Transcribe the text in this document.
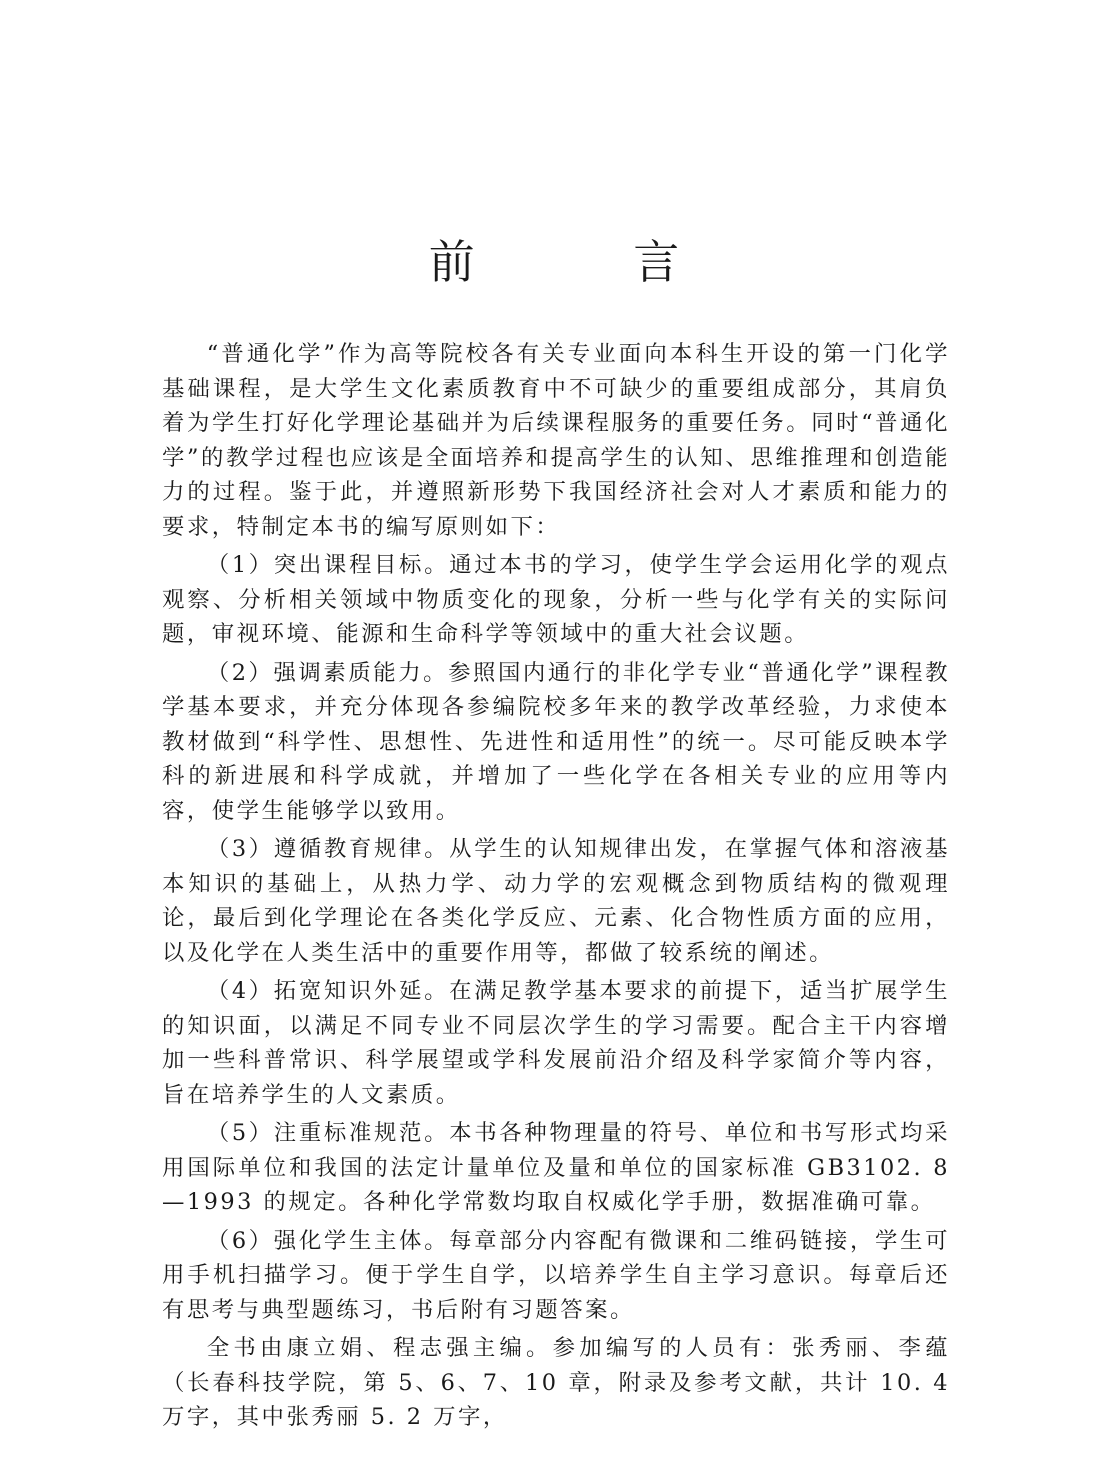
前 言

“普通化学”作为高等院校各有关专业面向本科生开设的第一门化学基础课程，是大学生文化素质教育中不可缺少的重要组成部分，其肩负着为学生打好化学理论基础并为后续课程服务的重要任务。同时“普通化学”的教学过程也应该是全面培养和提高学生的认知、思维推理和创造能力的过程。鉴于此，并遵照新形势下我国经济社会对人才素质和能力的要求，特制定本书的编写原则如下：

（1）突出课程目标。通过本书的学习，使学生学会运用化学的观点观察、分析相关领域中物质变化的现象，分析一些与化学有关的实际问题，审视环境、能源和生命科学等领域中的重大社会议题。

（2）强调素质能力。参照国内通行的非化学专业“普通化学”课程教学基本要求，并充分体现各参编院校多年来的教学改革经验，力求使本教材做到“科学性、思想性、先进性和适用性”的统一。尽可能反映本学科的新进展和科学成就，并增加了一些化学在各相关专业的应用等内容，使学生能够学以致用。

（3）遵循教育规律。从学生的认知规律出发，在掌握气体和溶液基本知识的基础上，从热力学、动力学的宏观概念到物质结构的微观理论，最后到化学理论在各类化学反应、元素、化合物性质方面的应用，以及化学在人类生活中的重要作用等，都做了较系统的阐述。

（4）拓宽知识外延。在满足教学基本要求的前提下，适当扩展学生的知识面，以满足不同专业不同层次学生的学习需要。配合主干内容增加一些科普常识、科学展望或学科发展前沿介绍及科学家简介等内容，旨在培养学生的人文素质。

（5）注重标准规范。本书各种物理量的符号、单位和书写形式均采用国际单位和我国的法定计量单位及量和单位的国家标准 GB3102. 8—1993 的规定。各种化学常数均取自权威化学手册，数据准确可靠。

（6）强化学生主体。每章部分内容配有微课和二维码链接，学生可用手机扫描学习。便于学生自学，以培养学生自主学习意识。每章后还有思考与典型题练习，书后附有习题答案。

全书由康立娟、程志强主编。参加编写的人员有：张秀丽、李蕴（长春科技学院，第 5、6、7、10 章，附录及参考文献，共计 10. 4 万字，其中张秀丽 5. 2 万字，
